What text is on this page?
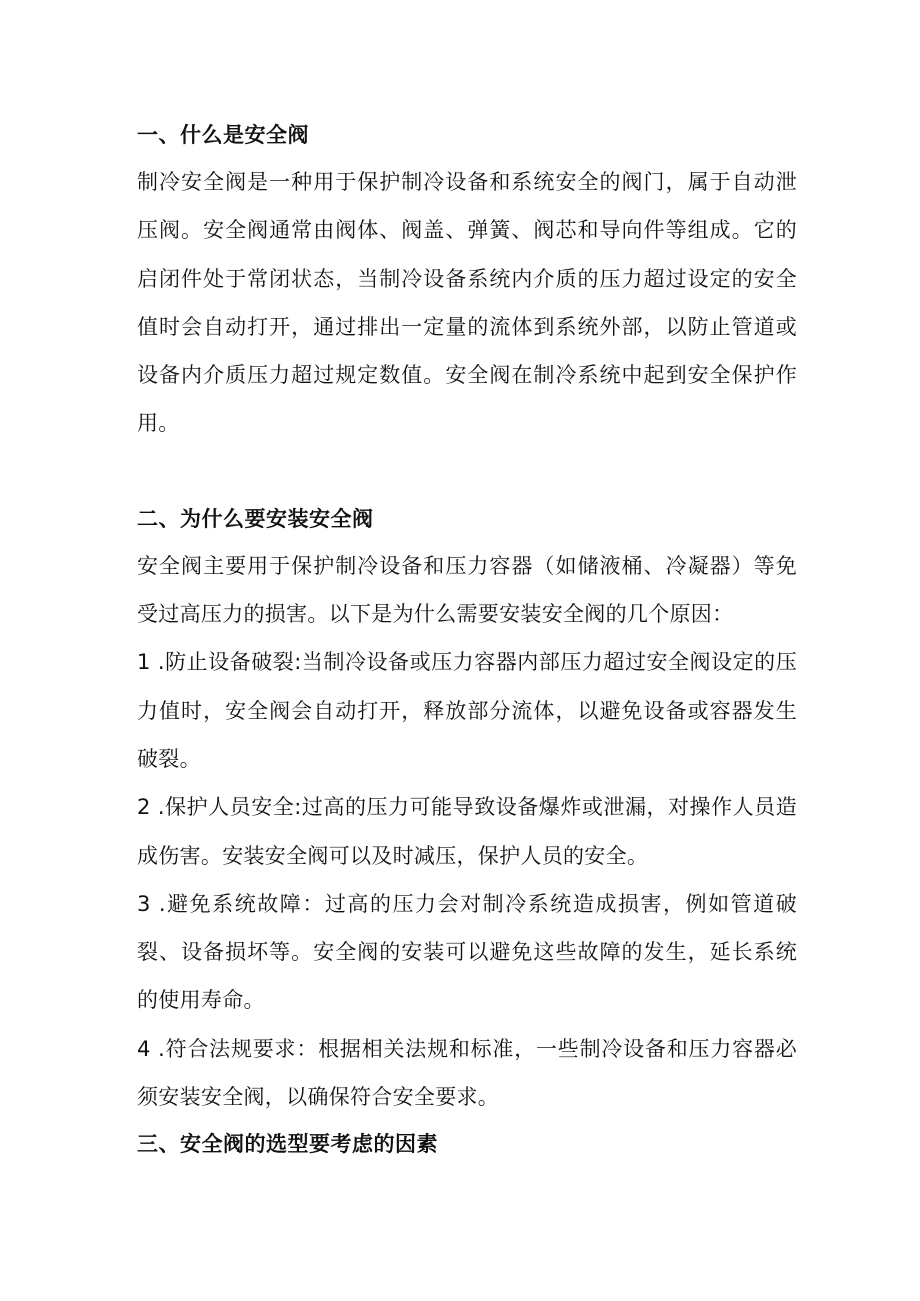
一、什么是安全阀

制冷安全阀是一种用于保护制冷设备和系统安全的阀门，属于自动泄压阀。安全阀通常由阀体、阀盖、弹簧、阀芯和导向件等组成。它的启闭件处于常闭状态，当制冷设备系统内介质的压力超过设定的安全值时会自动打开，通过排出一定量的流体到系统外部，以防止管道或设备内介质压力超过规定数值。安全阀在制冷系统中起到安全保护作用。

二、为什么要安装安全阀

安全阀主要用于保护制冷设备和压力容器（如储液桶、冷凝器）等免受过高压力的损害。以下是为什么需要安装安全阀的几个原因：

1 .防止设备破裂:当制冷设备或压力容器内部压力超过安全阀设定的压力值时，安全阀会自动打开，释放部分流体，以避免设备或容器发生破裂。

2 .保护人员安全:过高的压力可能导致设备爆炸或泄漏，对操作人员造成伤害。安装安全阀可以及时减压，保护人员的安全。

3 .避免系统故障：过高的压力会对制冷系统造成损害，例如管道破裂、设备损坏等。安全阀的安装可以避免这些故障的发生，延长系统的使用寿命。

4 .符合法规要求：根据相关法规和标准，一些制冷设备和压力容器必须安装安全阀，以确保符合安全要求。

三、安全阀的选型要考虑的因素
